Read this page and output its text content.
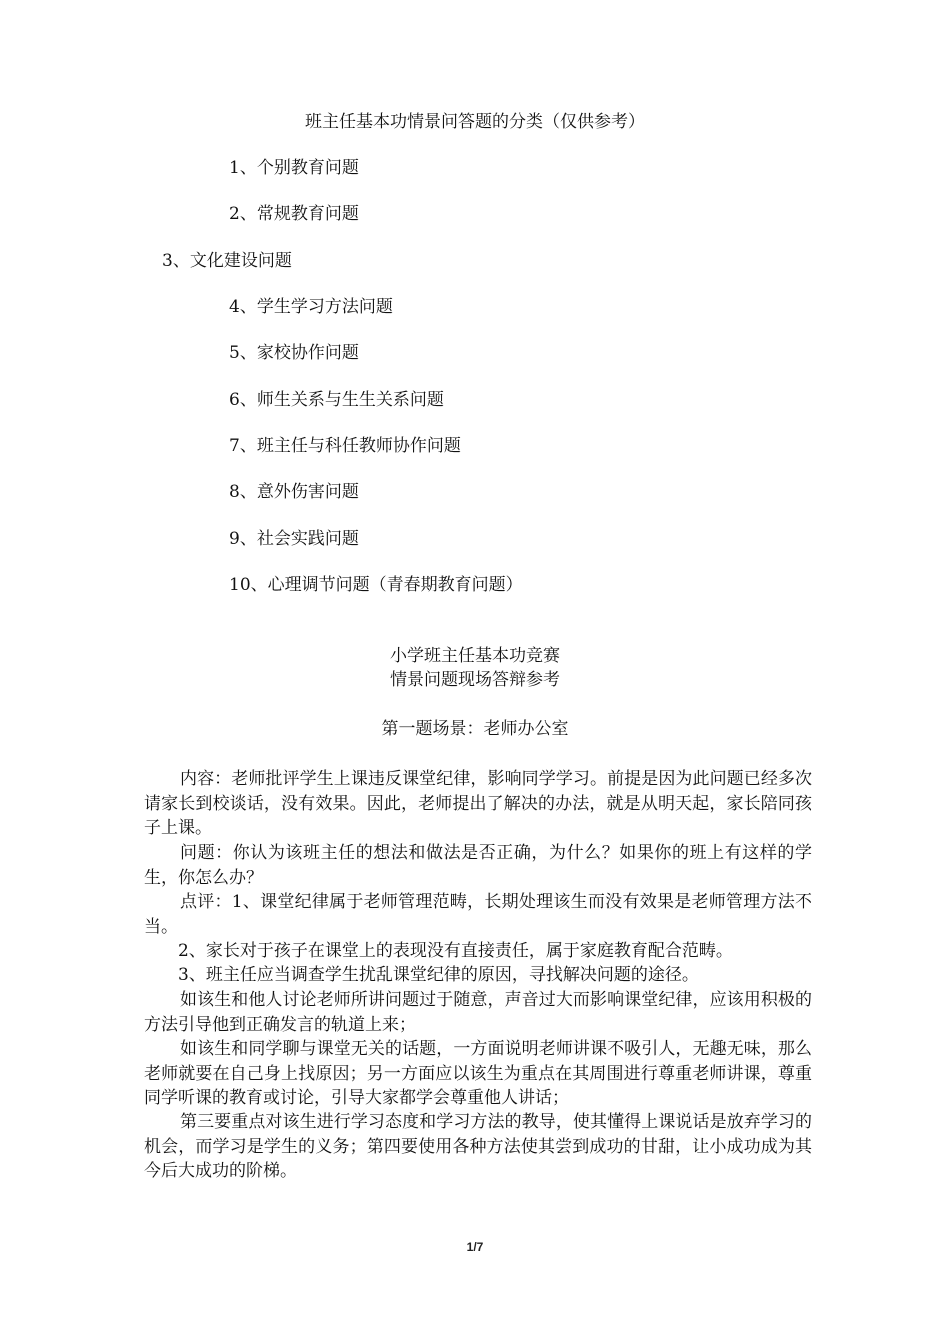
班主任基本功情景问答题的分类（仅供参考）
1、个别教育问题
2、常规教育问题
3、文化建设问题
4、学生学习方法问题
5、家校协作问题
6、师生关系与生生关系问题
7、班主任与科任教师协作问题
8、意外伤害问题
9、社会实践问题
10、心理调节问题（青春期教育问题）
小学班主任基本功竞赛
情景问题现场答辩参考
第一题场景：老师办公室
内容：老师批评学生上课违反课堂纪律，影响同学学习。前提是因为此问题已经多次请家长到校谈话，没有效果。因此，老师提出了解决的办法，就是从明天起，家长陪同孩子上课。
问题：你认为该班主任的想法和做法是否正确，为什么？如果你的班上有这样的学生，你怎么办？
点评：1、课堂纪律属于老师管理范畴，长期处理该生而没有效果是老师管理方法不当。
2、家长对于孩子在课堂上的表现没有直接责任，属于家庭教育配合范畴。
3、班主任应当调查学生扰乱课堂纪律的原因，寻找解决问题的途径。
如该生和他人讨论老师所讲问题过于随意，声音过大而影响课堂纪律，应该用积极的方法引导他到正确发言的轨道上来；
如该生和同学聊与课堂无关的话题，一方面说明老师讲课不吸引人，无趣无味，那么老师就要在自己身上找原因；另一方面应以该生为重点在其周围进行尊重老师讲课，尊重同学听课的教育或讨论，引导大家都学会尊重他人讲话；
第三要重点对该生进行学习态度和学习方法的教导，使其懂得上课说话是放弃学习的机会，而学习是学生的义务；第四要使用各种方法使其尝到成功的甘甜，让小成功成为其今后大成功的阶梯。
1/7
